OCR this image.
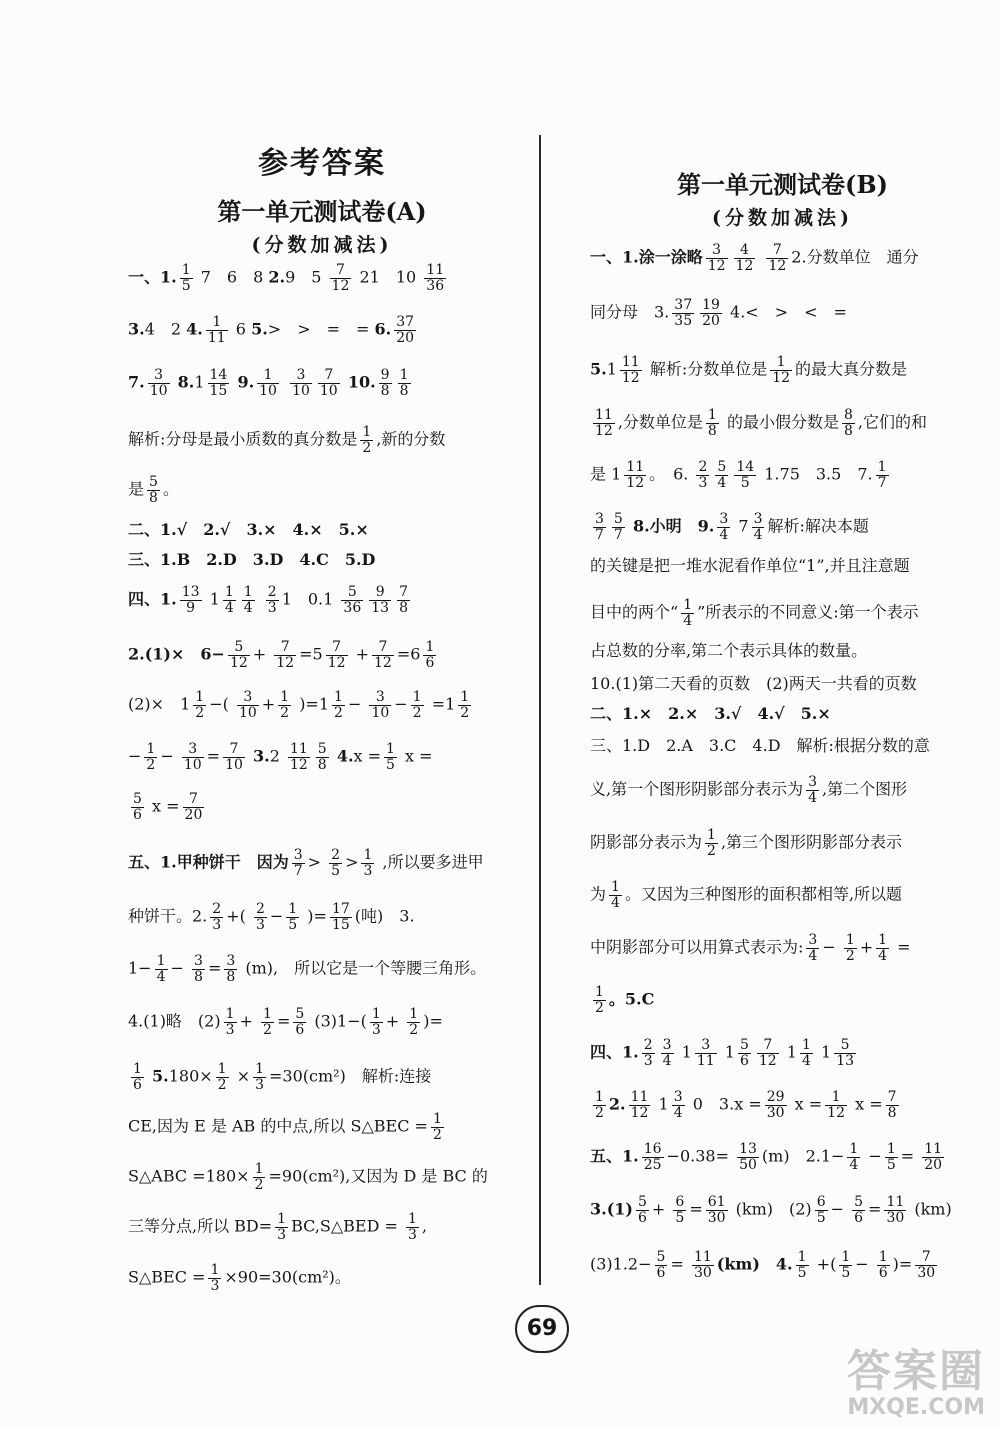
参考答案
第一单元测试卷(A)
(分数加减法)
一、1. $\frac{1}{5} 7$　6　8 2.9　$5 \frac{7}{12} 21$　$10 \frac{11}{36}$
3.4　2 4. $\frac{1}{11} 6$ 5.>　>　=　= 6. $\frac{37}{20}$
7. $\frac{3}{10} 8.1 \frac{14}{15} 9$. $\frac{1}{10}$
$\frac{3}{10} \frac{7}{10} 10$. $\frac{9}{8} \frac{1}{8}$
解析:分母是最小质数的真分数是 $\frac{1}{2}$ ,新的分数
是 $\frac{5}{8}$ 。
二、1.√　2.√　3.×　4.×　5.×
三、1.B　2.D　3.D　4.C　5.D
四、1. $\frac{13}{9} 1 \frac{1}{4} \frac{1}{4}$
$\frac{2}{3} 1$　$0.1 \frac{5}{36} \frac{9}{13} \frac{7}{8}$
2.(1)×　$6- \frac{5}{12} + \frac{7}{12} =5 \frac{7}{12} + \frac{7}{12} =6 \frac{1}{6}$
(2)×　$1 \frac{1}{2}$ −( $\frac{3}{10} + \frac{1}{2} )=1 \frac{1}{2} - \frac{3}{10} - \frac{1}{2} =1 \frac{1}{2}$
− $\frac{1}{2} - \frac{3}{10} = \frac{7}{10} 3.2 \frac{11}{12} \frac{5}{8} 4.x = \frac{1}{5}$ x =
$\frac{5}{6}$ $x = \frac{7}{20}$
五、1.甲种饼干　因为 $\frac{3}{7} > \frac{2}{5} > \frac{1}{3}$ ,所以要多进甲
种饼干。2. $\frac{2}{3}$ +( $\frac{2}{3} - \frac{1}{5}$ )= $\frac{17}{15}$ (吨)　3.
$1- \frac{1}{4} - \frac{3}{8} = \frac{3}{8} (m)$,　所以它是一个等腰三角形。
4.(1)略　$(2) \frac{1}{3} + \frac{1}{2} = \frac{5}{6} (3)1-( \frac{1}{3} + \frac{1}{2}$ )=
$\frac{1}{6} 5.180\times \frac{1}{2} \times \frac{1}{3} =30(cm^2)$　解析:连接
CE,因为 E 是 AB 的中点,所以 S△BEC = $\frac{1}{2}$
S△ABC $=180\times \frac{1}{2} =90(cm^2)$,又因为 D 是 BC 的
三等分点,所以 $BD= \frac{1}{3}$ BC,S△BED = $\frac{1}{3}$ ,
S△BEC = $\frac{1}{3} \times 90=30(cm^2)$。
第一单元测试卷(B)
(分数加减法)
一、1.涂一涂略 $\frac{3}{12} \frac{4}{12}$
$\frac{7}{12} 2$.分数单位　通分
同分母　3. $\frac{37}{35} \frac{19}{20} 4.<$　>　<　=
$5.1 \frac{11}{12}$ 解析:分数单位是 $\frac{1}{12}$ 的最大真分数是
$\frac{11}{12}$ ,分数单位是 $\frac{1}{8}$ 的最小假分数是 $\frac{8}{8}$ ,它们的和
是 $1 \frac{11}{12}$ 。　6. $\frac{2}{3} \frac{5}{4} \frac{14}{5} 1.75$　3.5　7. $\frac{1}{7}$
$\frac{3}{7} \frac{5}{7} 8$.小明　9. $\frac{3}{4} 7 \frac{3}{4}$ 解析:解决本题
的关键是把一堆水泥看作单位“1”,并且注意题
目中的两个“ $\frac{1}{4}$ ”所表示的不同意义:第一个表示
占总数的分率,第二个表示具体的数量。
10.(1)第二天看的页数　(2)两天一共看的页数
二、1.×　2.×　3.√　4.√　5.×
三、1.D　2.A　3.C　4.D　解析:根据分数的意
义,第一个图形阴影部分表示为 $\frac{3}{4}$ ,第二个图形
阴影部分表示为 $\frac{1}{2}$ ,第三个图形阴影部分表示
为 $\frac{1}{4}$ 。又因为三种图形的面积都相等,所以题
中阴影部分可以用算式表示为: $\frac{3}{4} - \frac{1}{2} + \frac{1}{4}$ =
$\frac{1}{2}$ 。5.C
四、1. $\frac{2}{3} \frac{3}{4} 1 \frac{3}{11} 1 \frac{5}{6} \frac{7}{12} 1 \frac{1}{4} 1 \frac{5}{13}$
$\frac{1}{2} 2$. $\frac{11}{12} 1 \frac{3}{4} 0$　$3.x = \frac{29}{30}$ $x = \frac{1}{12}$ $x = \frac{7}{8}$
五、1. $\frac{16}{25} -0.38= \frac{13}{50} (m)$　$2.1- \frac{1}{4} - \frac{1}{5} = \frac{11}{20}$
$3.(1) \frac{5}{6} + \frac{6}{5} = \frac{61}{30} (km)$　$(2) \frac{6}{5} - \frac{5}{6} = \frac{11}{30} (km)$
$(3)1.2- \frac{5}{6} = \frac{11}{30} (km)$　4. $\frac{1}{5}$ +( $\frac{1}{5} - \frac{1}{6}$ )= $\frac{7}{30}$
69
答案圈
MXQE.COM
